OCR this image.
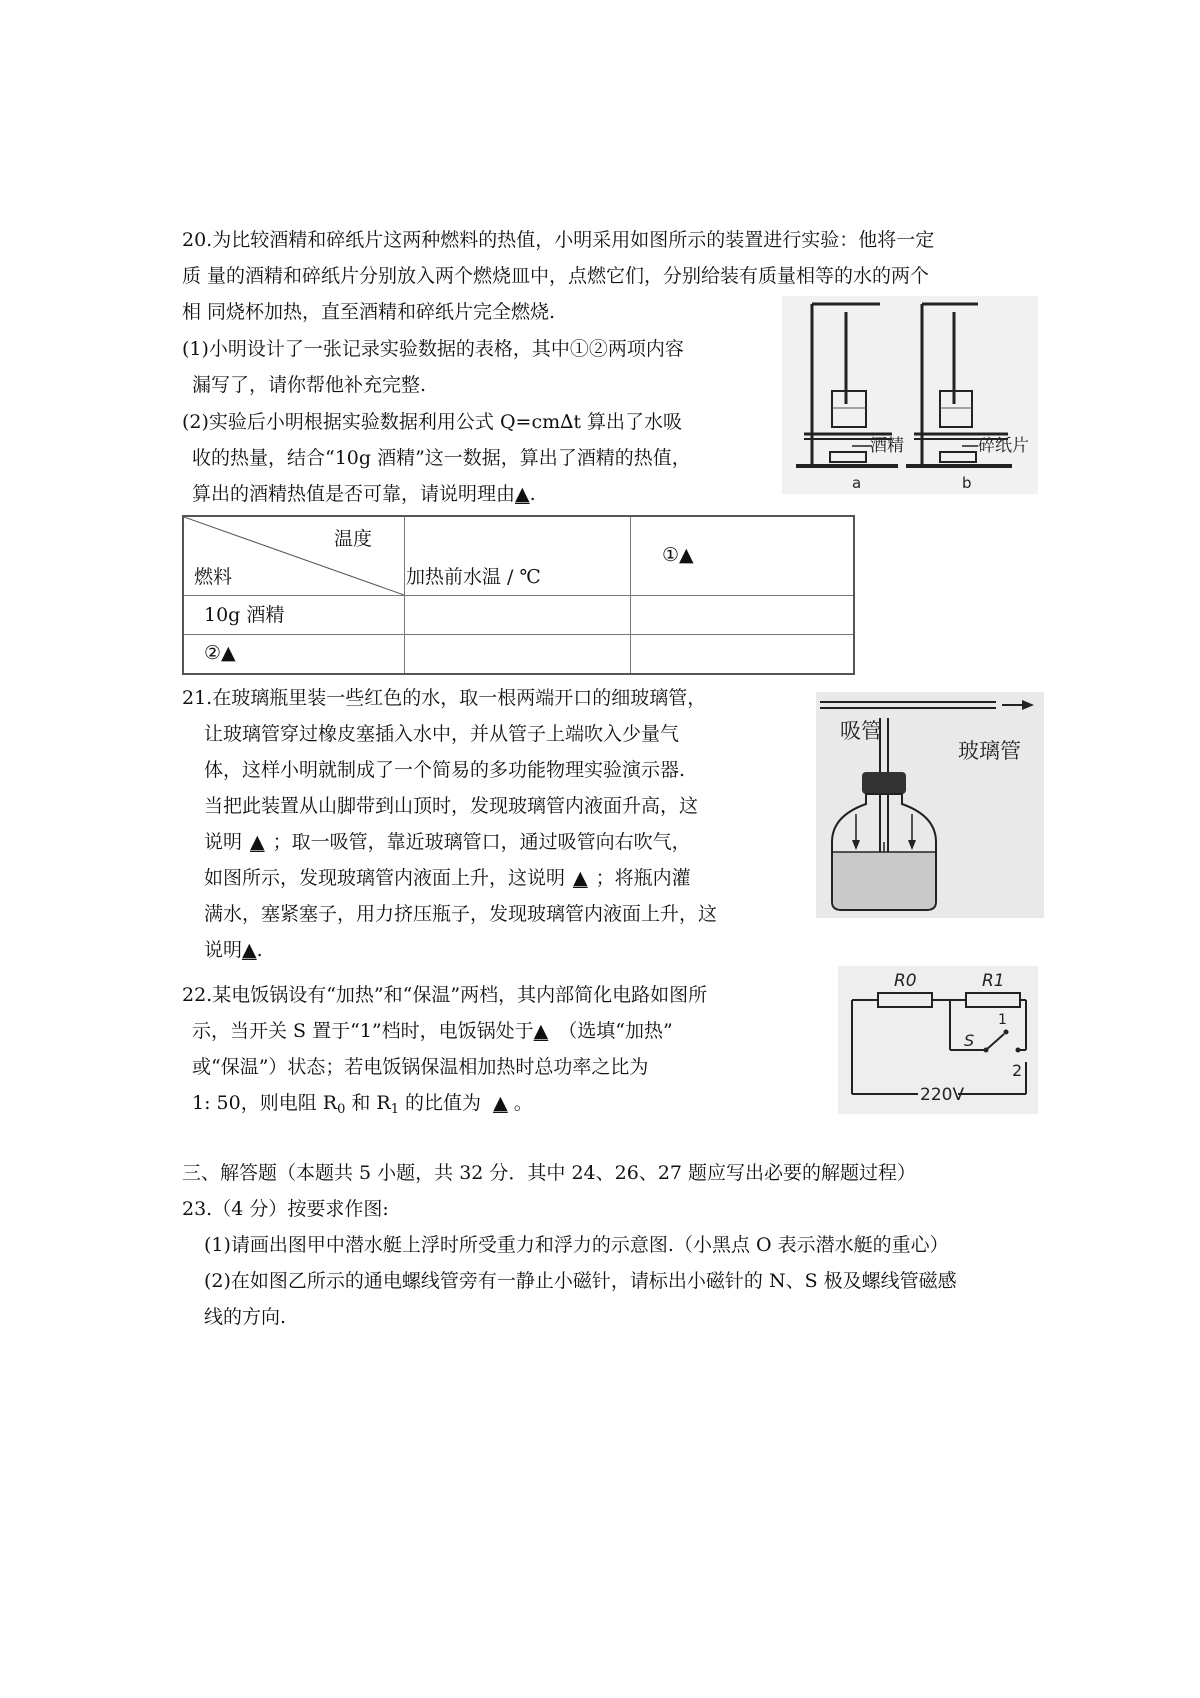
20.为比较酒精和碎纸片这两种燃料的热值，小明采用如图所示的装置进行实验：他将一定
质 量的酒精和碎纸片分别放入两个燃烧皿中，点燃它们，分别给装有质量相等的水的两个
相 同烧杯加热，直至酒精和碎纸片完全燃烧.
(1)小明设计了一张记录实验数据的表格，其中①②两项内容
漏写了，请你帮他补充完整.
(2)实验后小明根据实验数据利用公式 Q=cm∆t 算出了水吸
收的热量，结合“10g 酒精”这一数据，算出了酒精的热值，
算出的酒精热值是否可靠，请说明理由▲.
酒精
a
碎纸片
b
温度
燃料	加热前水温 / ℃
①▲
10g 酒精
②▲
21.在玻璃瓶里装一些红色的水，取一根两端开口的细玻璃管，
让玻璃管穿过橡皮塞插入水中，并从管子上端吹入少量气
体，这样小明就制成了一个简易的多功能物理实验演示器.
当把此装置从山脚带到山顶时，发现玻璃管内液面升高，这
说明 ▲ ；取一吸管，靠近玻璃管口，通过吸管向右吹气，
如图所示，发现玻璃管内液面上升，这说明 ▲ ；将瓶内灌
满水，塞紧塞子，用力挤压瓶子，发现玻璃管内液面上升，这
说明▲.
吸管
玻璃管
22.某电饭锅设有“加热”和“保温”两档，其内部简化电路如图所
示，当开关 S 置于“1”档时，电饭锅处于▲ （选填“加热”
或“保温”）状态；若电饭锅保温相加热时总功率之比为
1: 50，则电阻 $R_0$ 和 $R_1$ 的比值为 ▲ 。
R0	R1
S
1
2
220V
三、解答题（本题共 5 小题，共 32 分．其中 24、26、27 题应写出必要的解题过程）
23.（4 分）按要求作图:
(1)请画出图甲中潜水艇上浮时所受重力和浮力的示意图.（小黑点 O 表示潜水艇的重心）
(2)在如图乙所示的通电螺线管旁有一静止小磁针，请标出小磁针的 N、S 极及螺线管磁感
线的方向.
